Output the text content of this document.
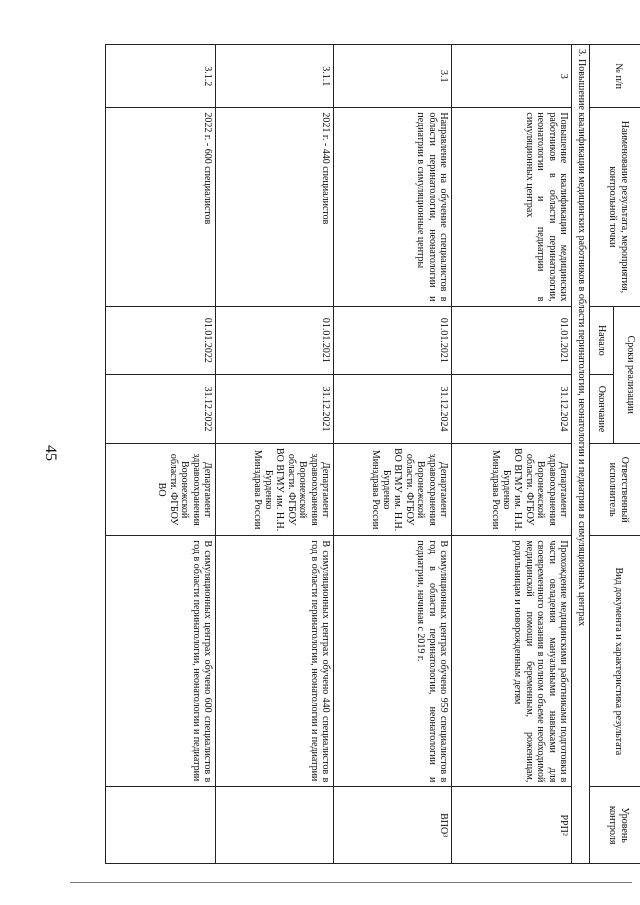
45
№ п/п	Наименование результата, мероприятия, контрольной точки	Сроки реализации		Ответственный исполнитель	Вид документа и характеристика результата	Уровень контроля
		Начало	Окончание			
3. Повышение квалификации медицинских работников в области перинатологии, неонатологии и педиатрии в симуляционных центрах						
3	Повышение квалификации медицинских работников в области перинатологии, неонатологии и педиатрии в симуляционных центрах	01.01.2021	31.12.2024	Департамент здравоохранения Воронежской области. ФГБОУ ВО ВГМУ им. Н.Н. Бурденко Минздрава России	Прохождение медицинскими работниками подготовки в части овладения мануальными навыками для своевременного оказания в полном объеме необходимой медицинской помощи беременным, роженицам, родильницам и новорожденным детям	РРП²
3.1	Направление на обучение специалистов в области перинатологии, неонатологии и педиатрии в симуляционные центры	01.01.2021	31.12.2024	Департамент здравоохранения Воронежской области. ФГБОУ ВО ВГМУ им. Н.Н. Бурденко Минздрава России	В симуляционных центрах обучено 959 специалистов в год в области перинатологии, неонатологии и педиатрии, начиная с 2019 г.	ВПО³
3.1.1	2021 г. - 440 специалистов	01.01.2021	31.12.2021	Департамент здравоохранения Воронежской области. ФГБОУ ВО ВГМУ им. Н.Н. Бурденко Минздрава России	В симуляционных центрах обучено 440 специалистов в год в области перинатологии, неонатологии и педиатрии	
3.1.2	2022 г. - 600 специалистов	01.01.2022	31.12.2022	Департамент здравоохранения Воронежской области. ФГБОУ ВО	В симуляционных центрах обучено 600 специалистов в год в области перинатологии, неонатологии и педиатрии	
